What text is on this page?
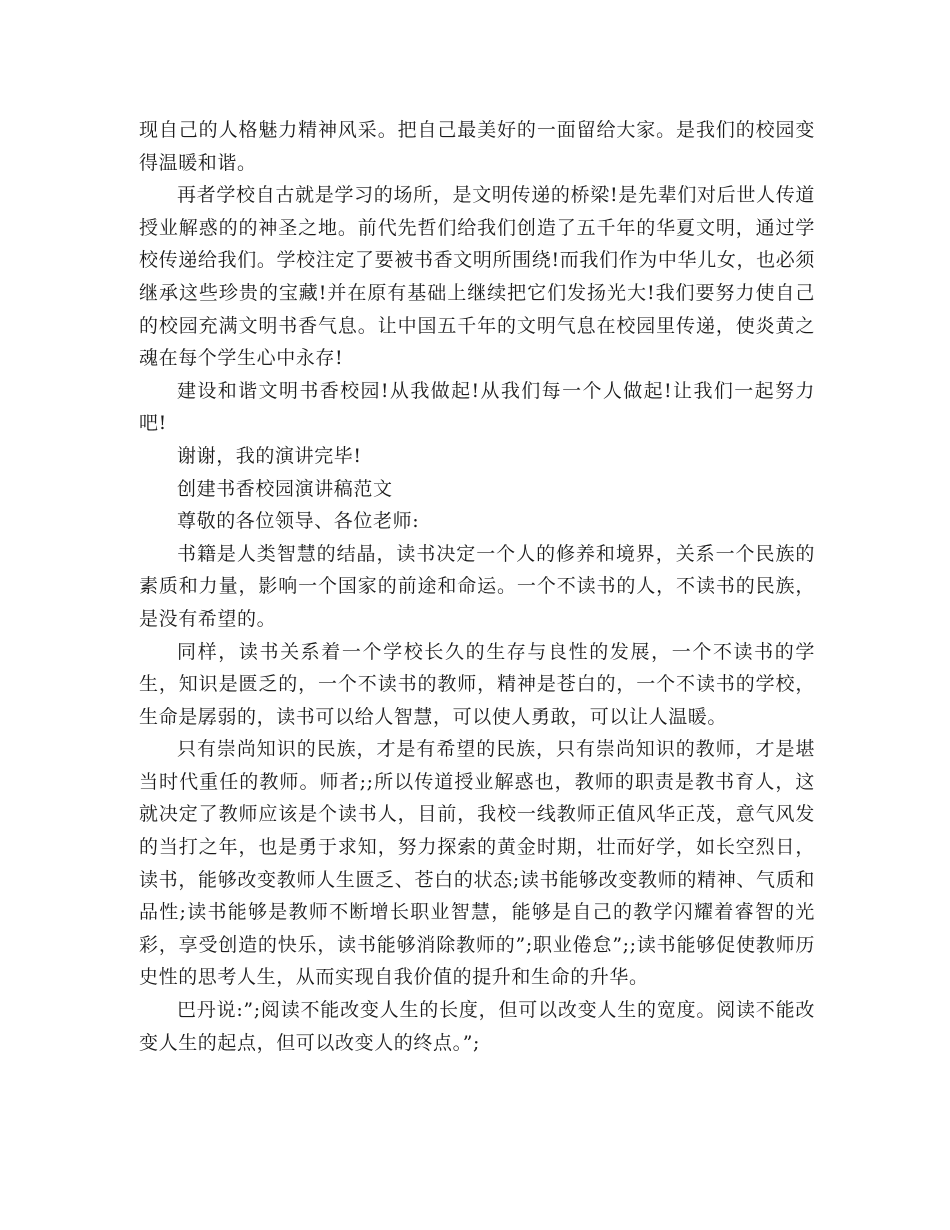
现自己的人格魅力精神风采。把自己最美好的一面留给大家。是我们的校园变得温暖和谐。

再者学校自古就是学习的场所，是文明传递的桥梁!是先辈们对后世人传道授业解惑的的神圣之地。前代先哲们给我们创造了五千年的华夏文明，通过学校传递给我们。学校注定了要被书香文明所围绕!而我们作为中华儿女，也必须继承这些珍贵的宝藏!并在原有基础上继续把它们发扬光大!我们要努力使自己的校园充满文明书香气息。让中国五千年的文明气息在校园里传递，使炎黄之魂在每个学生心中永存!

建设和谐文明书香校园!从我做起!从我们每一个人做起!让我们一起努力吧!

谢谢，我的演讲完毕!

创建书香校园演讲稿范文

尊敬的各位领导、各位老师:

书籍是人类智慧的结晶，读书决定一个人的修养和境界，关系一个民族的素质和力量，影响一个国家的前途和命运。一个不读书的人，不读书的民族，是没有希望的。

同样，读书关系着一个学校长久的生存与良性的发展，一个不读书的学生，知识是匮乏的，一个不读书的教师，精神是苍白的，一个不读书的学校，生命是孱弱的，读书可以给人智慧，可以使人勇敢，可以让人温暖。

只有崇尚知识的民族，才是有希望的民族，只有崇尚知识的教师，才是堪当时代重任的教师。师者;;所以传道授业解惑也，教师的职责是教书育人，这就决定了教师应该是个读书人，目前，我校一线教师正值风华正茂，意气风发的当打之年，也是勇于求知，努力探索的黄金时期，壮而好学，如长空烈日，读书，能够改变教师人生匮乏、苍白的状态;读书能够改变教师的精神、气质和品性;读书能够是教师不断增长职业智慧，能够是自己的教学闪耀着睿智的光彩，享受创造的快乐，读书能够消除教师的”;职业倦怠”;;读书能够促使教师历史性的思考人生，从而实现自我价值的提升和生命的升华。

巴丹说:”;阅读不能改变人生的长度，但可以改变人生的宽度。阅读不能改变人生的起点，但可以改变人的终点。”;
